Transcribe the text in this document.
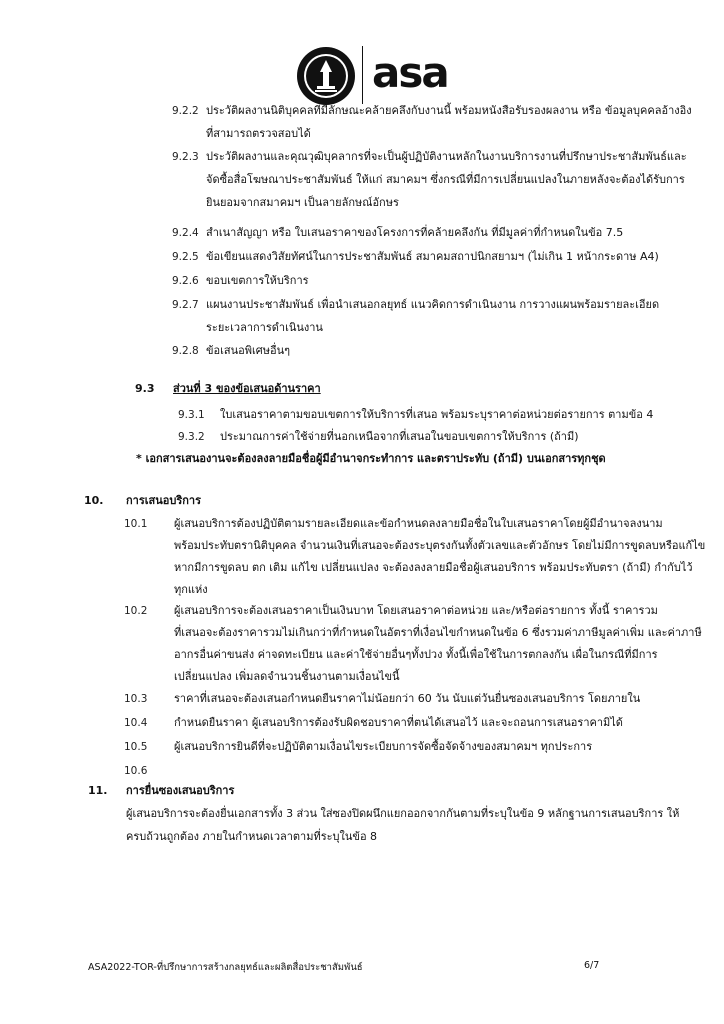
asa
9.2.2 ประวัติผลงานนิติบุคคลที่มีลักษณะคล้ายคลึงกับงานนี้ พร้อมหนังสือรับรองผลงาน หรือ ข้อมูลบุคคลอ้างอิง
ที่สามารถตรวจสอบได้
9.2.3 ประวัติผลงานและคุณวุฒิบุคลากรที่จะเป็นผู้ปฏิบัติงานหลักในงานบริการงานที่ปรึกษาประชาสัมพันธ์และ
จัดซื้อสื่อโฆษณาประชาสัมพันธ์ ให้แก่ สมาคมฯ ซึ่งกรณีที่มีการเปลี่ยนแปลงในภายหลังจะต้องได้รับการ
ยินยอมจากสมาคมฯ เป็นลายลักษณ์อักษร
9.2.4 สำเนาสัญญา หรือ ใบเสนอราคาของโครงการที่คล้ายคลึงกัน ที่มีมูลค่าที่กำหนดในข้อ 7.5
9.2.5 ข้อเขียนแสดงวิสัยทัศน์ในการประชาสัมพันธ์ สมาคมสถาปนิกสยามฯ (ไม่เกิน 1 หน้ากระดาษ A4)
9.2.6 ขอบเขตการให้บริการ
9.2.7 แผนงานประชาสัมพันธ์ เพื่อนำเสนอกลยุทธ์ แนวคิดการดำเนินงาน การวางแผนพร้อมรายละเอียด
ระยะเวลาการดำเนินงาน
9.2.8 ข้อเสนอพิเศษอื่นๆ
9.3 ส่วนที่ 3 ของข้อเสนอด้านราคา
9.3.1 ใบเสนอราคาตามขอบเขตการให้บริการที่เสนอ พร้อมระบุราคาต่อหน่วยต่อรายการ ตามข้อ 4
9.3.2 ประมาณการค่าใช้จ่ายที่นอกเหนือจากที่เสนอในขอบเขตการให้บริการ (ถ้ามี)
* เอกสารเสนองานจะต้องลงลายมือชื่อผู้มีอำนาจกระทำการ และตราประทับ (ถ้ามี) บนเอกสารทุกชุด
10. การเสนอบริการ
10.1 ผู้เสนอบริการต้องปฏิบัติตามรายละเอียดและข้อกำหนดลงลายมือชื่อในใบเสนอราคาโดยผู้มีอำนาจลงนาม
พร้อมประทับตรานิติบุคคล จำนวนเงินที่เสนอจะต้องระบุตรงกันทั้งตัวเลขและตัวอักษร โดยไม่มีการขูดลบหรือแก้ไข
หากมีการขูดลบ ตก เติม แก้ไข เปลี่ยนแปลง จะต้องลงลายมือชื่อผู้เสนอบริการ พร้อมประทับตรา (ถ้ามี) กำกับไว้
ทุกแห่ง
10.2 ผู้เสนอบริการจะต้องเสนอราคาเป็นเงินบาท โดยเสนอราคาต่อหน่วย และ/หรือต่อรายการ ทั้งนี้ ราคารวม
ที่เสนอจะต้องราคารวมไม่เกินกว่าที่กำหนดในอัตราที่เงื่อนไขกำหนดในข้อ 6 ซึ่งรวมค่าภาษีมูลค่าเพิ่ม และค่าภาษี
อากรอื่นค่าขนส่ง ค่าจดทะเบียน และค่าใช้จ่ายอื่นๆทั้งปวง ทั้งนี้เพื่อใช้ในการตกลงกัน เผื่อในกรณีที่มีการ
เปลี่ยนแปลง เพิ่มลดจำนวนชิ้นงานตามเงื่อนไขนี้
10.3 ราคาที่เสนอจะต้องเสนอกำหนดยืนราคาไม่น้อยกว่า 60 วัน นับแต่วันยื่นซองเสนอบริการ โดยภายใน
10.4 กำหนดยืนราคา ผู้เสนอบริการต้องรับผิดชอบราคาที่ตนได้เสนอไว้ และจะถอนการเสนอราคามิได้
10.5 ผู้เสนอบริการยินดีที่จะปฏิบัติตามเงื่อนไขระเบียบการจัดซื้อจัดจ้างของสมาคมฯ ทุกประการ
10.6
11. การยื่นซองเสนอบริการ
ผู้เสนอบริการจะต้องยื่นเอกสารทั้ง 3 ส่วน ใส่ซองปิดผนึกแยกออกจากกันตามที่ระบุในข้อ 9 หลักฐานการเสนอบริการ ให้
ครบถ้วนถูกต้อง ภายในกำหนดเวลาตามที่ระบุในข้อ 8
ASA2022-TOR-ที่ปรึกษาการสร้างกลยุทธ์และผลิตสื่อประชาสัมพันธ์	6/7
